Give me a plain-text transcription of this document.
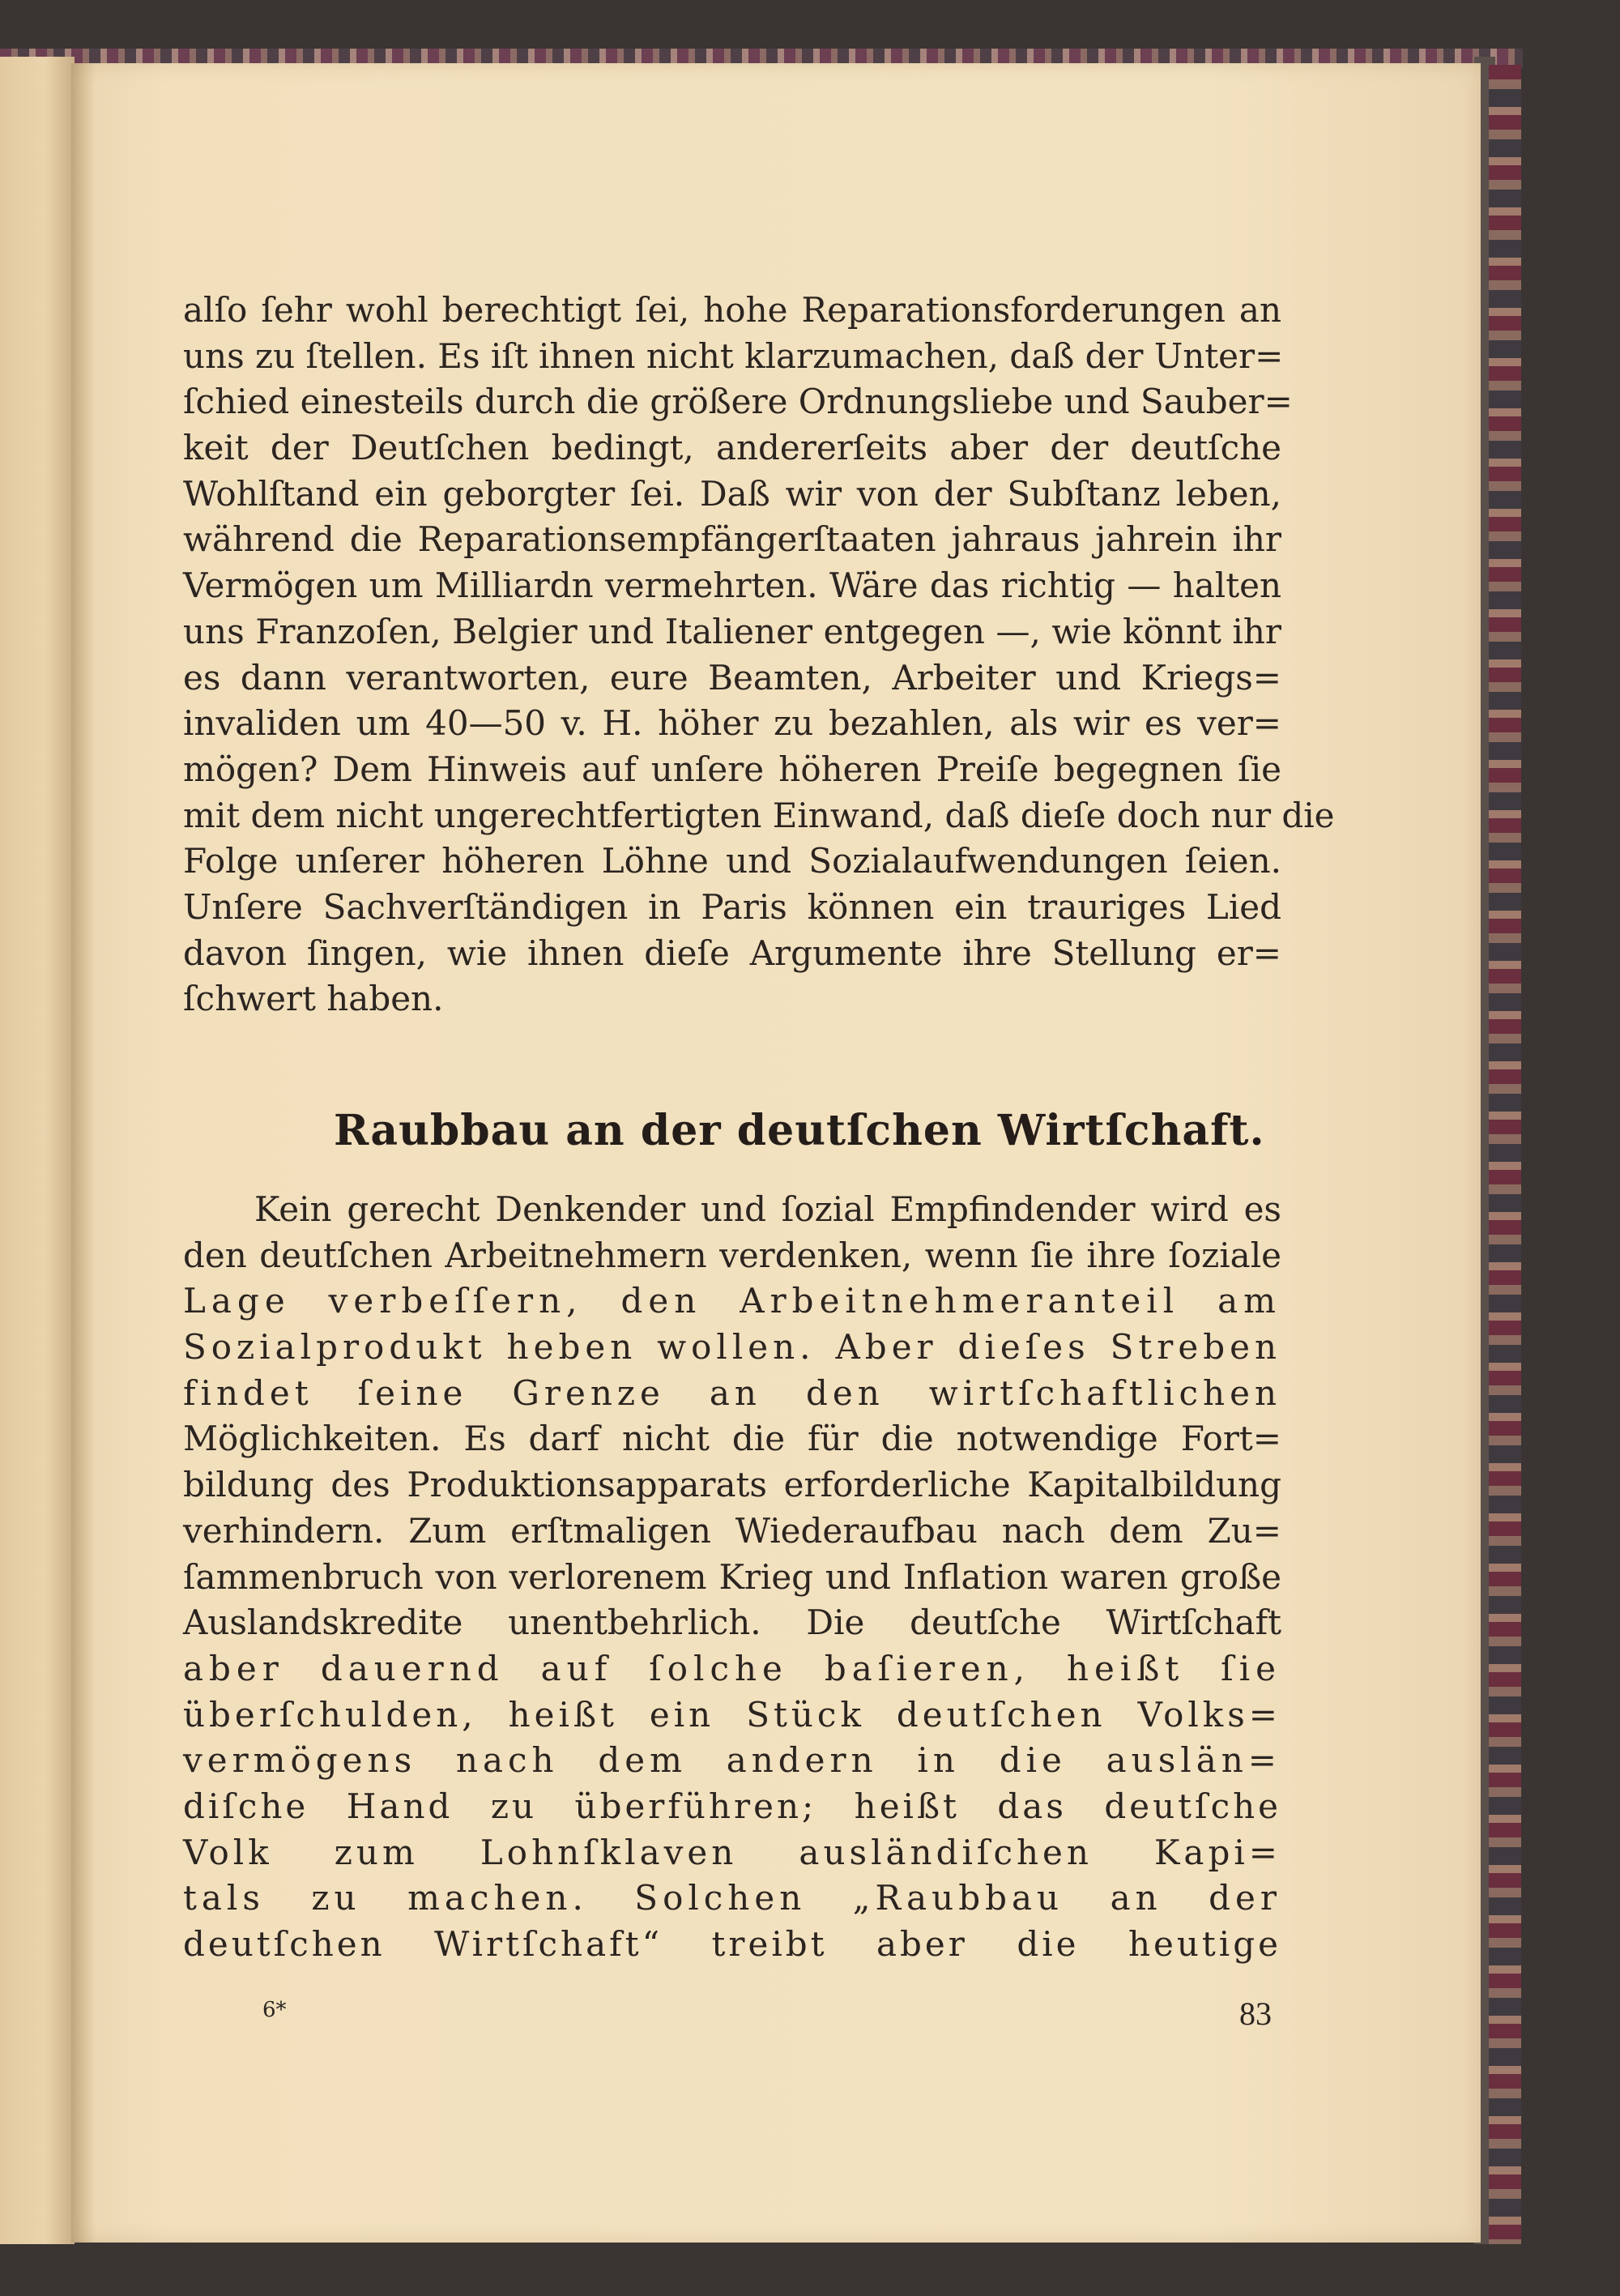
alſo ſehr wohl berechtigt ſei, hohe Reparationsforderungen an
uns zu ſtellen. Es iſt ihnen nicht klarzumachen, daß der Unter=
ſchied einesteils durch die größere Ordnungsliebe und Sauber=
keit der Deutſchen bedingt, andererſeits aber der deutſche
Wohlſtand ein geborgter ſei. Daß wir von der Subſtanz leben,
während die Reparationsempfängerſtaaten jahraus jahrein ihr
Vermögen um Milliardn vermehrten. Wäre das richtig — halten
uns Franzoſen, Belgier und Italiener entgegen —, wie könnt ihr
es dann verantworten, eure Beamten, Arbeiter und Kriegs=
invaliden um 40—50 v. H. höher zu bezahlen, als wir es ver=
mögen? Dem Hinweis auf unſere höheren Preiſe begegnen ſie
mit dem nicht ungerechtfertigten Einwand, daß dieſe doch nur die
Folge unſerer höheren Löhne und Sozialaufwendungen ſeien.
Unſere Sachverſtändigen in Paris können ein trauriges Lied
davon ſingen, wie ihnen dieſe Argumente ihre Stellung er=
ſchwert haben.
Raubbau an der deutſchen Wirtſchaft.
Kein gerecht Denkender und ſozial Empfindender wird es
den deutſchen Arbeitnehmern verdenken, wenn ſie ihre ſoziale
Lage verbeſſern, den Arbeitnehmeranteil am
Sozialprodukt heben wollen. Aber dieſes Streben
findet ſeine Grenze an den wirtſchaftlichen
Möglichkeiten. Es darf nicht die für die notwendige Fort=
bildung des Produktionsapparats erforderliche Kapitalbildung
verhindern. Zum erſtmaligen Wiederaufbau nach dem Zu=
ſammenbruch von verlorenem Krieg und Inflation waren große
Auslandskredite unentbehrlich. Die deutſche Wirtſchaft
aber dauernd auf ſolche baſieren, heißt ſie
überſchulden, heißt ein Stück deutſchen Volks=
vermögens nach dem andern in die auslän=
diſche Hand zu überführen; heißt das deutſche
Volk zum Lohnſklaven ausländiſchen Kapi=
tals zu machen. Solchen „Raubbau an der
deutſchen Wirtſchaft“ treibt aber die heutige
6*	83
